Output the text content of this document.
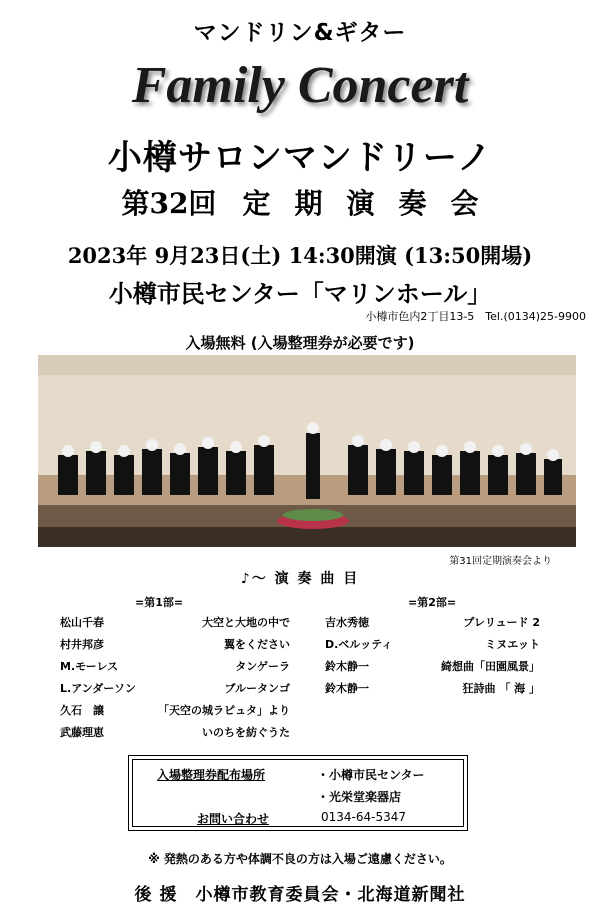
マンドリン&ギター
Family Concert
小樽サロンマンドリーノ
第32回 定 期 演 奏 会
2023年 9月23日(土) 14:30開演 (13:50開場)
小樽市民センター「マリンホール」
小樽市色内2丁目13-5　Tel.(0134)25-9900
入場無料 (入場整理券が必要です)
第31回定期演奏会より
♪～ 演 奏 曲 目
=第1部=	=第2部=
松山千春	大空と大地の中で
村井邦彦	翼をください
M.モーレス	タンゲーラ
L.アンダーソン	ブルータンゴ
久石　譲	「天空の城ラピュタ」より
武藤理恵	いのちを紡ぐうた
吉水秀徳	プレリュード 2
D.ベルッティ	ミヌエット
鈴木静一	綺想曲「田園風景」
鈴木静一	狂詩曲 「 海 」
入場整理券配布場所	・小樽市民センター
・光栄堂楽器店
お問い合わせ	0134-64-5347
※ 発熱のある方や体調不良の方は入場ご遠慮ください。
後 援　小樽市教育委員会・北海道新聞社
